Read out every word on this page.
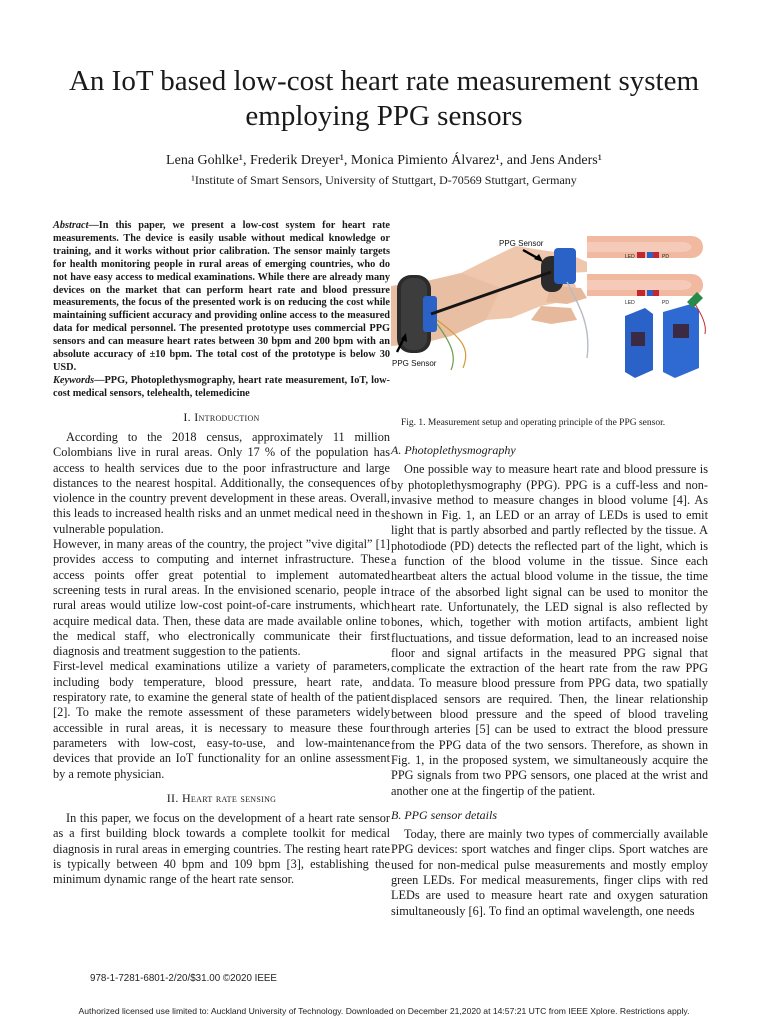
An IoT based low-cost heart rate measurement system employing PPG sensors
Lena Gohlke¹, Frederik Dreyer¹, Monica Pimiento Álvarez¹, and Jens Anders¹
¹Institute of Smart Sensors, University of Stuttgart, D-70569 Stuttgart, Germany

Abstract—In this paper, we present a low-cost system for heart rate measurements. The device is easily usable without medical knowledge or training, and it works without prior calibration. The sensor mainly targets for health monitoring people in rural areas of emerging countries, who do not have easy access to medical examinations. While there are already many devices on the market that can perform heart rate and blood pressure measurements, the focus of the presented work is on reducing the cost while maintaining sufficient accuracy and providing online access to the measured data for medical personnel. The presented prototype uses commercial PPG sensors and can measure heart rates between 30 bpm and 200 bpm with an absolute accuracy of ±10 bpm. The total cost of the prototype is below 30 USD.

Keywords—PPG, Photoplethysmography, heart rate measurement, IoT, low-cost medical sensors, telehealth, telemedicine

I. Introduction

According to the 2018 census, approximately 11 million Colombians live in rural areas. Only 17 % of the population has access to health services due to the poor infrastructure and large distances to the nearest hospital. Additionally, the consequences of violence in the country prevent development in these areas. Overall, this leads to increased health risks and an unmet medical need in the vulnerable population.

However, in many areas of the country, the project ”vive digital” [1] provides access to computing and internet infrastructure. These access points offer great potential to implement automated screening tests in rural areas. In the envisioned scenario, people in rural areas would utilize low-cost point-of-care instruments, which acquire medical data. Then, these data are made available online to the medical staff, who electronically communicate their first diagnosis and treatment suggestion to the patients.

First-level medical examinations utilize a variety of parameters, including body temperature, blood pressure, heart rate, and respiratory rate, to examine the general state of health of the patient [2]. To make the remote assessment of these parameters widely accessible in rural areas, it is necessary to measure these four parameters with low-cost, easy-to-use, and low-maintenance devices that provide an IoT functionality for an online assessment by a remote physician.

II. Heart rate sensing

In this paper, we focus on the development of a heart rate sensor as a first building block towards a complete toolkit for medical diagnosis in rural areas in emerging countries. The resting heart rate is typically between 40 bpm and 109 bpm [3], establishing the minimum dynamic range of the heart rate sensor.

PPG Sensor
PPG Sensor
LED	PD
LED	PD
Fig. 1. Measurement setup and operating principle of the PPG sensor.
A. Photoplethysmography

One possible way to measure heart rate and blood pressure is by photoplethysmography (PPG). PPG is a cuff-less and non-invasive method to measure changes in blood volume [4]. As shown in Fig. 1, an LED or an array of LEDs is used to emit light that is partly absorbed and partly reflected by the tissue. A photodiode (PD) detects the reflected part of the light, which is a function of the blood volume in the tissue. Since each heartbeat alters the actual blood volume in the tissue, the time trace of the absorbed light signal can be used to monitor the heart rate. Unfortunately, the LED signal is also reflected by bones, which, together with motion artifacts, ambient light fluctuations, and tissue deformation, lead to an increased noise floor and signal artifacts in the measured PPG signal that complicate the extraction of the heart rate from the raw PPG data. To measure blood pressure from PPG data, two spatially displaced sensors are required. Then, the linear relationship between blood pressure and the speed of blood traveling through arteries [5] can be used to extract the blood pressure from the PPG data of the two sensors. Therefore, as shown in Fig. 1, in the proposed system, we simultaneously acquire the PPG signals from two PPG sensors, one placed at the wrist and another one at the fingertip of the patient.

B. PPG sensor details

Today, there are mainly two types of commercially available PPG devices: sport watches and finger clips. Sport watches are used for non-medical pulse measurements and mostly employ green LEDs. For medical measurements, finger clips with red LEDs are used to measure heart rate and oxygen saturation simultaneously [6]. To find an optimal wavelength, one needs

978-1-7281-6801-2/20/$31.00 ©2020 IEEE
Authorized licensed use limited to: Auckland University of Technology. Downloaded on December 21,2020 at 14:57:21 UTC from IEEE Xplore. Restrictions apply.
